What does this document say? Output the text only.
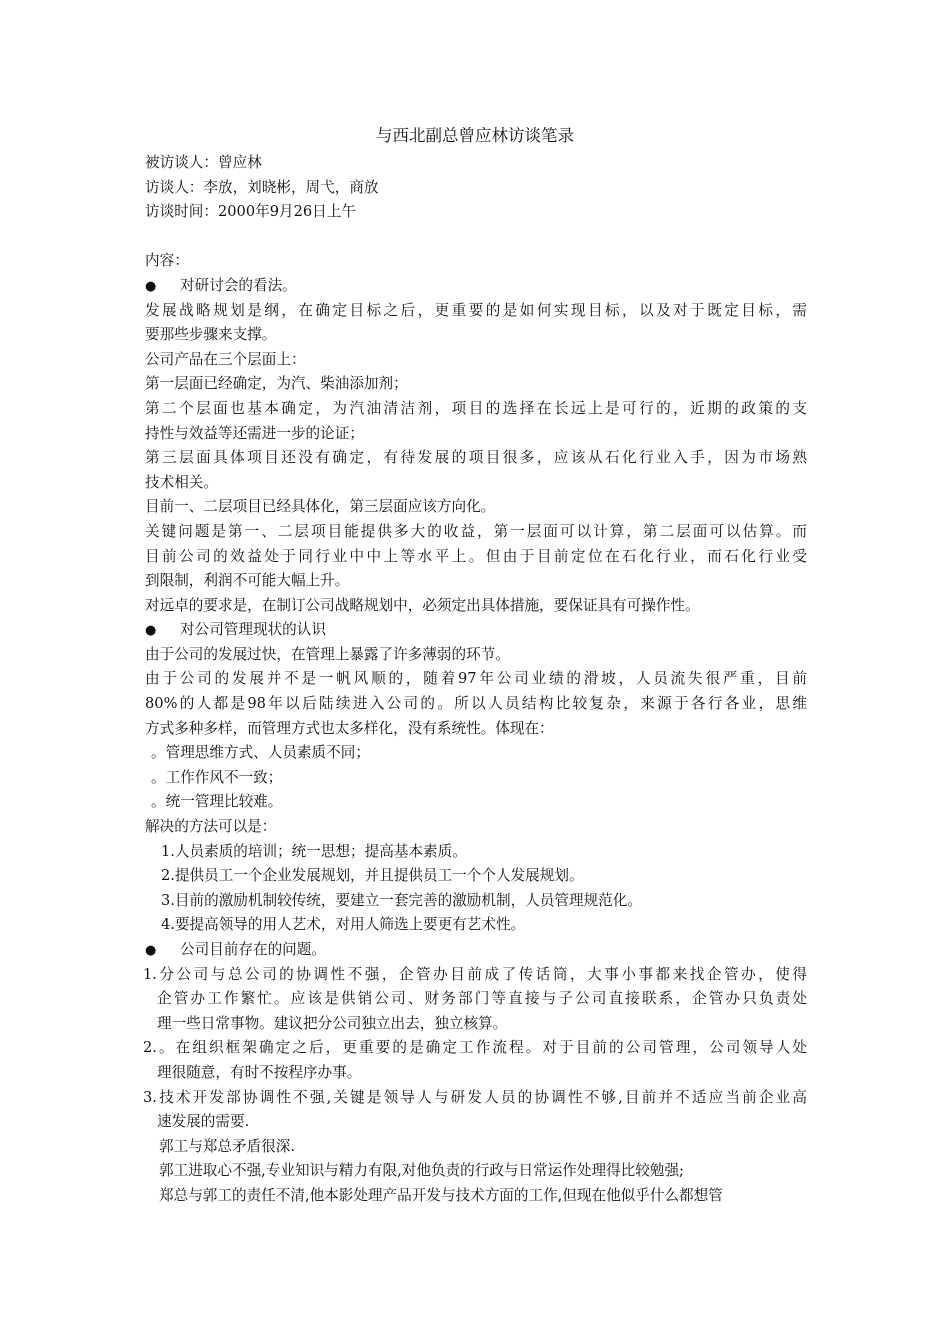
与西北副总曾应林访谈笔录
被访谈人：曾应林
访谈人：李放，刘晓彬，周弋，商放
访谈时间：2000年9月26日上午
内容：
● 对研讨会的看法。
发展战略规划是纲，在确定目标之后，更重要的是如何实现目标，以及对于既定目标，需
要那些步骤来支撑。
公司产品在三个层面上：
第一层面已经确定，为汽、柴油添加剂；
第二个层面也基本确定，为汽油清洁剂，项目的选择在长远上是可行的，近期的政策的支
持性与效益等还需进一步的论证；
第三层面具体项目还没有确定，有待发展的项目很多，应该从石化行业入手，因为市场熟
技术相关。
目前一、二层项目已经具体化，第三层面应该方向化。
关键问题是第一、二层项目能提供多大的收益，第一层面可以计算，第二层面可以估算。而
目前公司的效益处于同行业中中上等水平上。但由于目前定位在石化行业，而石化行业受
到限制，利润不可能大幅上升。
对远卓的要求是，在制订公司战略规划中，必须定出具体措施，要保证具有可操作性。
● 对公司管理现状的认识
由于公司的发展过快，在管理上暴露了许多薄弱的环节。
由于公司的发展并不是一帆风顺的，随着97年公司业绩的滑坡，人员流失很严重，目前
80%的人都是98年以后陆续进入公司的。所以人员结构比较复杂，来源于各行各业，思维
方式多种多样，而管理方式也太多样化，没有系统性。体现在：
。管理思维方式、人员素质不同；
。工作作风不一致；
。统一管理比较难。
解决的方法可以是：
1.人员素质的培训；统一思想；提高基本素质。
2.提供员工一个企业发展规划，并且提供员工一个个人发展规划。
3.目前的激励机制较传统，要建立一套完善的激励机制，人员管理规范化。
4.要提高领导的用人艺术，对用人筛选上要更有艺术性。
● 公司目前存在的问题。
1.分公司与总公司的协调性不强，企管办目前成了传话筒，大事小事都来找企管办，使得
企管办工作繁忙。应该是供销公司、财务部门等直接与子公司直接联系，企管办只负责处
理一些日常事物。建议把分公司独立出去，独立核算。
2.。在组织框架确定之后，更重要的是确定工作流程。对于目前的公司管理，公司领导人处
理很随意，有时不按程序办事。
3.技术开发部协调性不强,关键是领导人与研发人员的协调性不够,目前并不适应当前企业高
速发展的需要.
郭工与郑总矛盾很深.
郭工进取心不强,专业知识与精力有限,对他负责的行政与日常运作处理得比较勉强;
郑总与郭工的责任不清,他本影处理产品开发与技术方面的工作,但现在他似乎什么都想管
